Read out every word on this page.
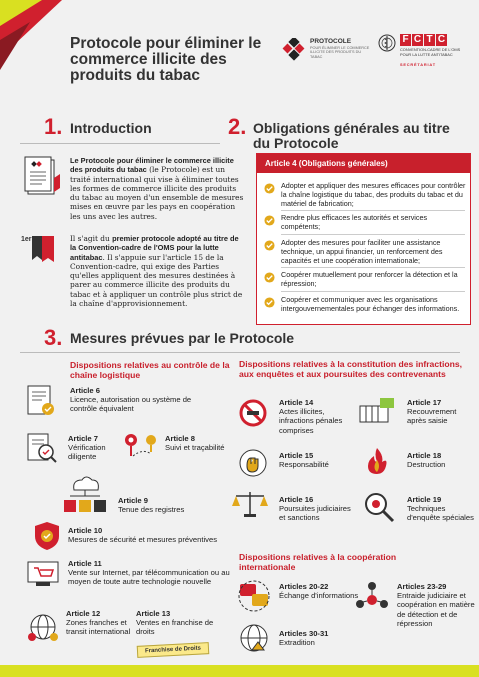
Protocole pour éliminer le commerce illicite des produits du tabac
PROTOCOLE
POUR ÉLIMINER LE COMMERCE ILLICITE DES PRODUITS DU TABAC
F C T C
CONVENTION-CADRE DE L'OMS POUR LA LUTTE ANTITABAC
SECRÉTARIAT
1. Introduction
Le Protocole pour éliminer le commerce illicite des produits du tabac (le Protocole) est un traité international qui vise à éliminer toutes les formes de commerce illicite des produits du tabac au moyen d'un ensemble de mesures mises en œuvre par les pays en coopération les uns avec les autres.
1er	Il s'agit du premier protocole adopté au titre de la Convention-cadre de l'OMS pour la lutte antitabac. Il s'appuie sur l'article 15 de la Convention-cadre, qui exige des Parties qu'elles appliquent des mesures destinées à parer au commerce illicite des produits du tabac et à appliquer un contrôle plus strict de la chaîne d'approvisionnement.
2. Obligations générales au titre du Protocole
Article 4 (Obligations générales)
Adopter et appliquer des mesures efficaces pour contrôler la chaîne logistique du tabac, des produits du tabac et du matériel de fabrication;
Rendre plus efficaces les autorités et services compétents;
Adopter des mesures pour faciliter une assistance technique, un appui financier, un renforcement des capacités et une coopération internationale;
Coopérer mutuellement pour renforcer la détection et la répression;
Coopérer et communiquer avec les organisations intergouvernementales pour échanger des informations.
3. Mesures prévues par le Protocole
Dispositions relatives au contrôle de la chaîne logistique
Dispositions relatives à la constitution des infractions, aux enquêtes et aux poursuites des contrevenants
Article 6
Licence, autorisation ou système de contrôle équivalent
Article 7
Vérification diligente
Article 8
Suivi et traçabilité
Article 9
Tenue des registres
Article 10
Mesures de sécurité et mesures préventives
Article 11
Vente sur Internet, par télécommunication ou au moyen de toute autre technologie nouvelle
Article 12
Zones franches et transit international
Article 13
Ventes en franchise de droits
Franchise de Droits
Article 14
Actes illicites, infractions pénales comprises
Article 17
Recouvrement après saisie
Article 15
Responsabilité
Article 18
Destruction
Article 16
Poursuites judiciaires et sanctions
Article 19
Techniques d'enquête spéciales
Dispositions relatives à la coopération internationale
Articles 20-22
Échange d'informations
Articles 23-29
Entraide judiciaire et coopération en matière de détection et de répression
Articles 30-31
Extradition
